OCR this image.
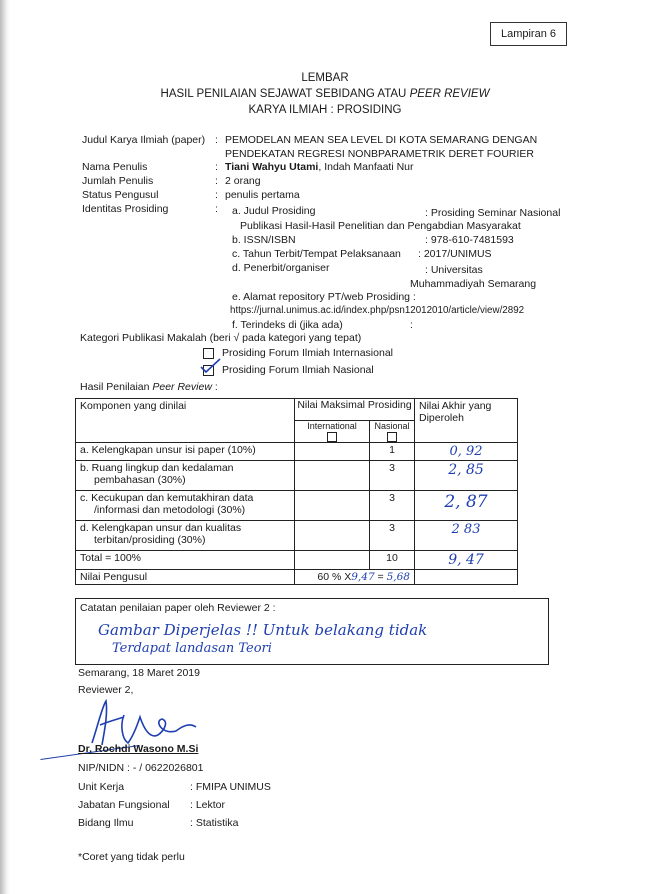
Lampiran 6
LEMBAR
HASIL PENILAIAN SEJAWAT SEBIDANG ATAU PEER REVIEW
KARYA ILMIAH : PROSIDING
Judul Karya Ilmiah (paper) : PEMODELAN MEAN SEA LEVEL DI KOTA SEMARANG DENGAN
PENDEKATAN REGRESI NONBPARAMETRIK DERET FOURIER
Nama Penulis	: Tiani Wahyu Utami, Indah Manfaati Nur
Jumlah Penulis	: 2 orang
Status Pengusul	: penulis pertama
Identitas Prosiding	: a. Judul Prosiding	: Prosiding Seminar Nasional
Publikasi Hasil-Hasil Penelitian dan Pengabdian Masyarakat
b. ISSN/ISBN	: 978-610-7481593
c. Tahun Terbit/Tempat Pelaksanaan : 2017/UNIMUS
d. Penerbit/organiser	: Universitas
Muhammadiyah Semarang
e. Alamat repository PT/web Prosiding :
https://jurnal.unimus.ac.id/index.php/psn12012010/article/view/2892
f. Terindeks di (jika ada)	:
Kategori Publikasi Makalah (beri √ pada kategori yang tepat)
Prosiding Forum Ilmiah Internasional
Prosiding Forum Ilmiah Nasional
Hasil Penilaian Peer Review :
Komponen yang dinilai	Nilai Maksimal Prosiding		Nilai Akhir yang
Diperoleh
	International	Nasional	

a. Kelengkapan unsur isi paper (10%)		1	0, 92
b. Ruang lingkup dan kedalaman
pembahasan (30%)		3	2, 85
c. Kecukupan dan kemutakhiran data
/informasi dan metodologi (30%)		3	2, 87
d. Kelengkapan unsur dan kualitas
terbitan/prosiding (30%)		3	2 83
Total = 100%		10	9, 47
Nilai Pengusul	60 % X9,47 = 5,68		
Catatan penilaian paper oleh Reviewer 2 :
Gambar Diperjelas !! Untuk belakang tidak
Terdapat landasan Teori
Semarang, 18 Maret 2019
Reviewer 2,
Dr. Rochdi Wasono M.Si
NIP/NIDN : - / 0622026801
Unit Kerja	: FMIPA UNIMUS
Jabatan Fungsional : Lektor
Bidang Ilmu	: Statistika
*Coret yang tidak perlu
